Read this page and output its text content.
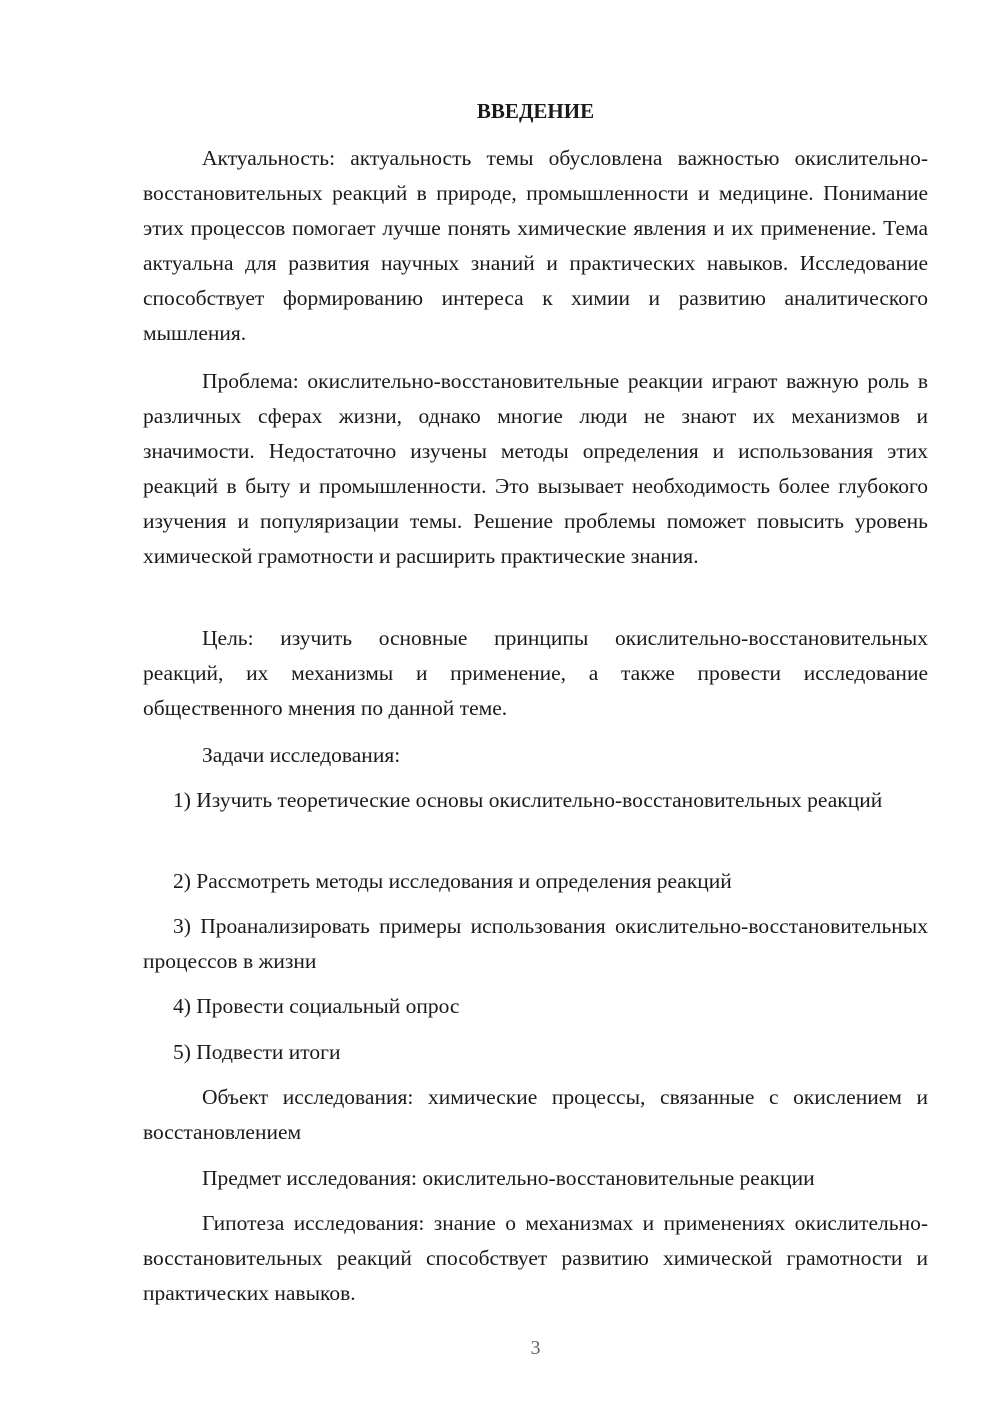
ВВЕДЕНИЕ

Актуальность: актуальность темы обусловлена важностью окислительно-восстановительных реакций в природе, промышленности и медицине. Понимание этих процессов помогает лучше понять химические явления и их применение. Тема актуальна для развития научных знаний и практических навыков. Исследование способствует формированию интереса к химии и развитию аналитического мышления.

Проблема: окислительно-восстановительные реакции играют важную роль в различных сферах жизни, однако многие люди не знают их механизмов и значимости. Недостаточно изучены методы определения и использования этих реакций в быту и промышленности. Это вызывает необходимость более глубокого изучения и популяризации темы. Решение проблемы поможет повысить уровень химической грамотности и расширить практические знания.

Цель: изучить основные принципы окислительно-восстановительных реакций, их механизмы и применение, а также провести исследование общественного мнения по данной теме.

Задачи исследования:

1) Изучить теоретические основы окислительно-восстановительных реакций

2) Рассмотреть методы исследования и определения реакций

3) Проанализировать примеры использования окислительно-восстановительных процессов в жизни

4) Провести социальный опрос

5) Подвести итоги

Объект исследования: химические процессы, связанные с окислением и восстановлением

Предмет исследования: окислительно-восстановительные реакции

Гипотеза исследования: знание о механизмах и применениях окислительно-восстановительных реакций способствует развитию химической грамотности и практических навыков.

3
